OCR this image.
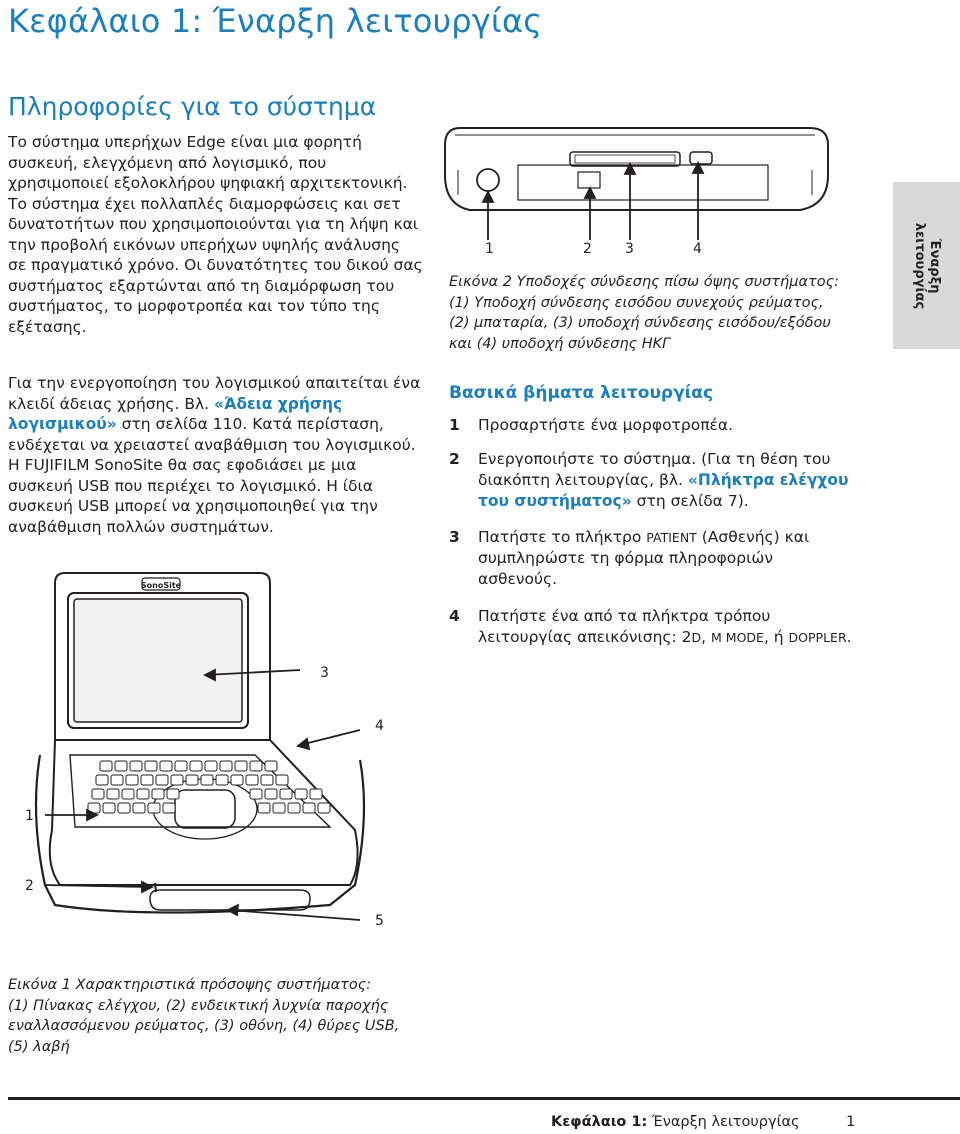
Κεφάλαιο 1: Έναρξη λειτουργίας
Πληροφορίες για το σύστημα
Το σύστημα υπερήχων Edge είναι μια φορητή
συσκευή, ελεγχόμενη από λογισμικό, που
χρησιμοποιεί εξολοκλήρου ψηφιακή αρχιτεκτονική.
Το σύστημα έχει πολλαπλές διαμορφώσεις και σετ
δυνατοτήτων που χρησιμοποιούνται για τη λήψη και
την προβολή εικόνων υπερήχων υψηλής ανάλυσης
σε πραγματικό χρόνο. Οι δυνατότητες του δικού σας
συστήματος εξαρτώνται από τη διαμόρφωση του
συστήματος, το μορφοτροπέα και τον τύπο της
εξέτασης.
Για την ενεργοποίηση του λογισμικού απαιτείται ένα
κλειδί άδειας χρήσης. Βλ. «Άδεια χρήσης
λογισμικού» στη σελίδα 110. Κατά περίσταση,
ενδέχεται να χρειαστεί αναβάθμιση του λογισμικού.
Η FUJIFILM SonoSite θα σας εφοδιάσει με μια
συσκευή USB που περιέχει το λογισμικό. Η ίδια
συσκευή USB μπορεί να χρησιμοποιηθεί για την
αναβάθμιση πολλών συστημάτων.
SonoSite
3
4
1
2
5
Εικόνα 1 Χαρακτηριστικά πρόσοψης συστήματος:
(1) Πίνακας ελέγχου, (2) ενδεικτική λυχνία παροχής
εναλλασσόμενου ρεύματος, (3) οθόνη, (4) θύρες USB,
(5) λαβή
1	2 3	4
Εικόνα 2 Υποδοχές σύνδεσης πίσω όψης συστήματος:
(1) Υποδοχή σύνδεσης εισόδου συνεχούς ρεύματος,
(2) μπαταρία, (3) υποδοχή σύνδεσης εισόδου/εξόδου
και (4) υποδοχή σύνδεσης ΗΚΓ
Βασικά βήματα λειτουργίας
1 Προσαρτήστε ένα μορφοτροπέα.
2 Ενεργοποιήστε το σύστημα. (Για τη θέση του
διακόπτη λειτουργίας, βλ. «Πλήκτρα ελέγχου
του συστήματος» στη σελίδα 7).
3 Πατήστε το πλήκτρο PATIENT (Ασθενής) και
συμπληρώστε τη φόρμα πληροφοριών
ασθενούς.
4 Πατήστε ένα από τα πλήκτρα τρόπου
λειτουργίας απεικόνισης: 2D, M MODE, ή DOPPLER.
Έναρξη
λειτουργίας
Κεφάλαιο 1: Έναρξη λειτουργίας	1
